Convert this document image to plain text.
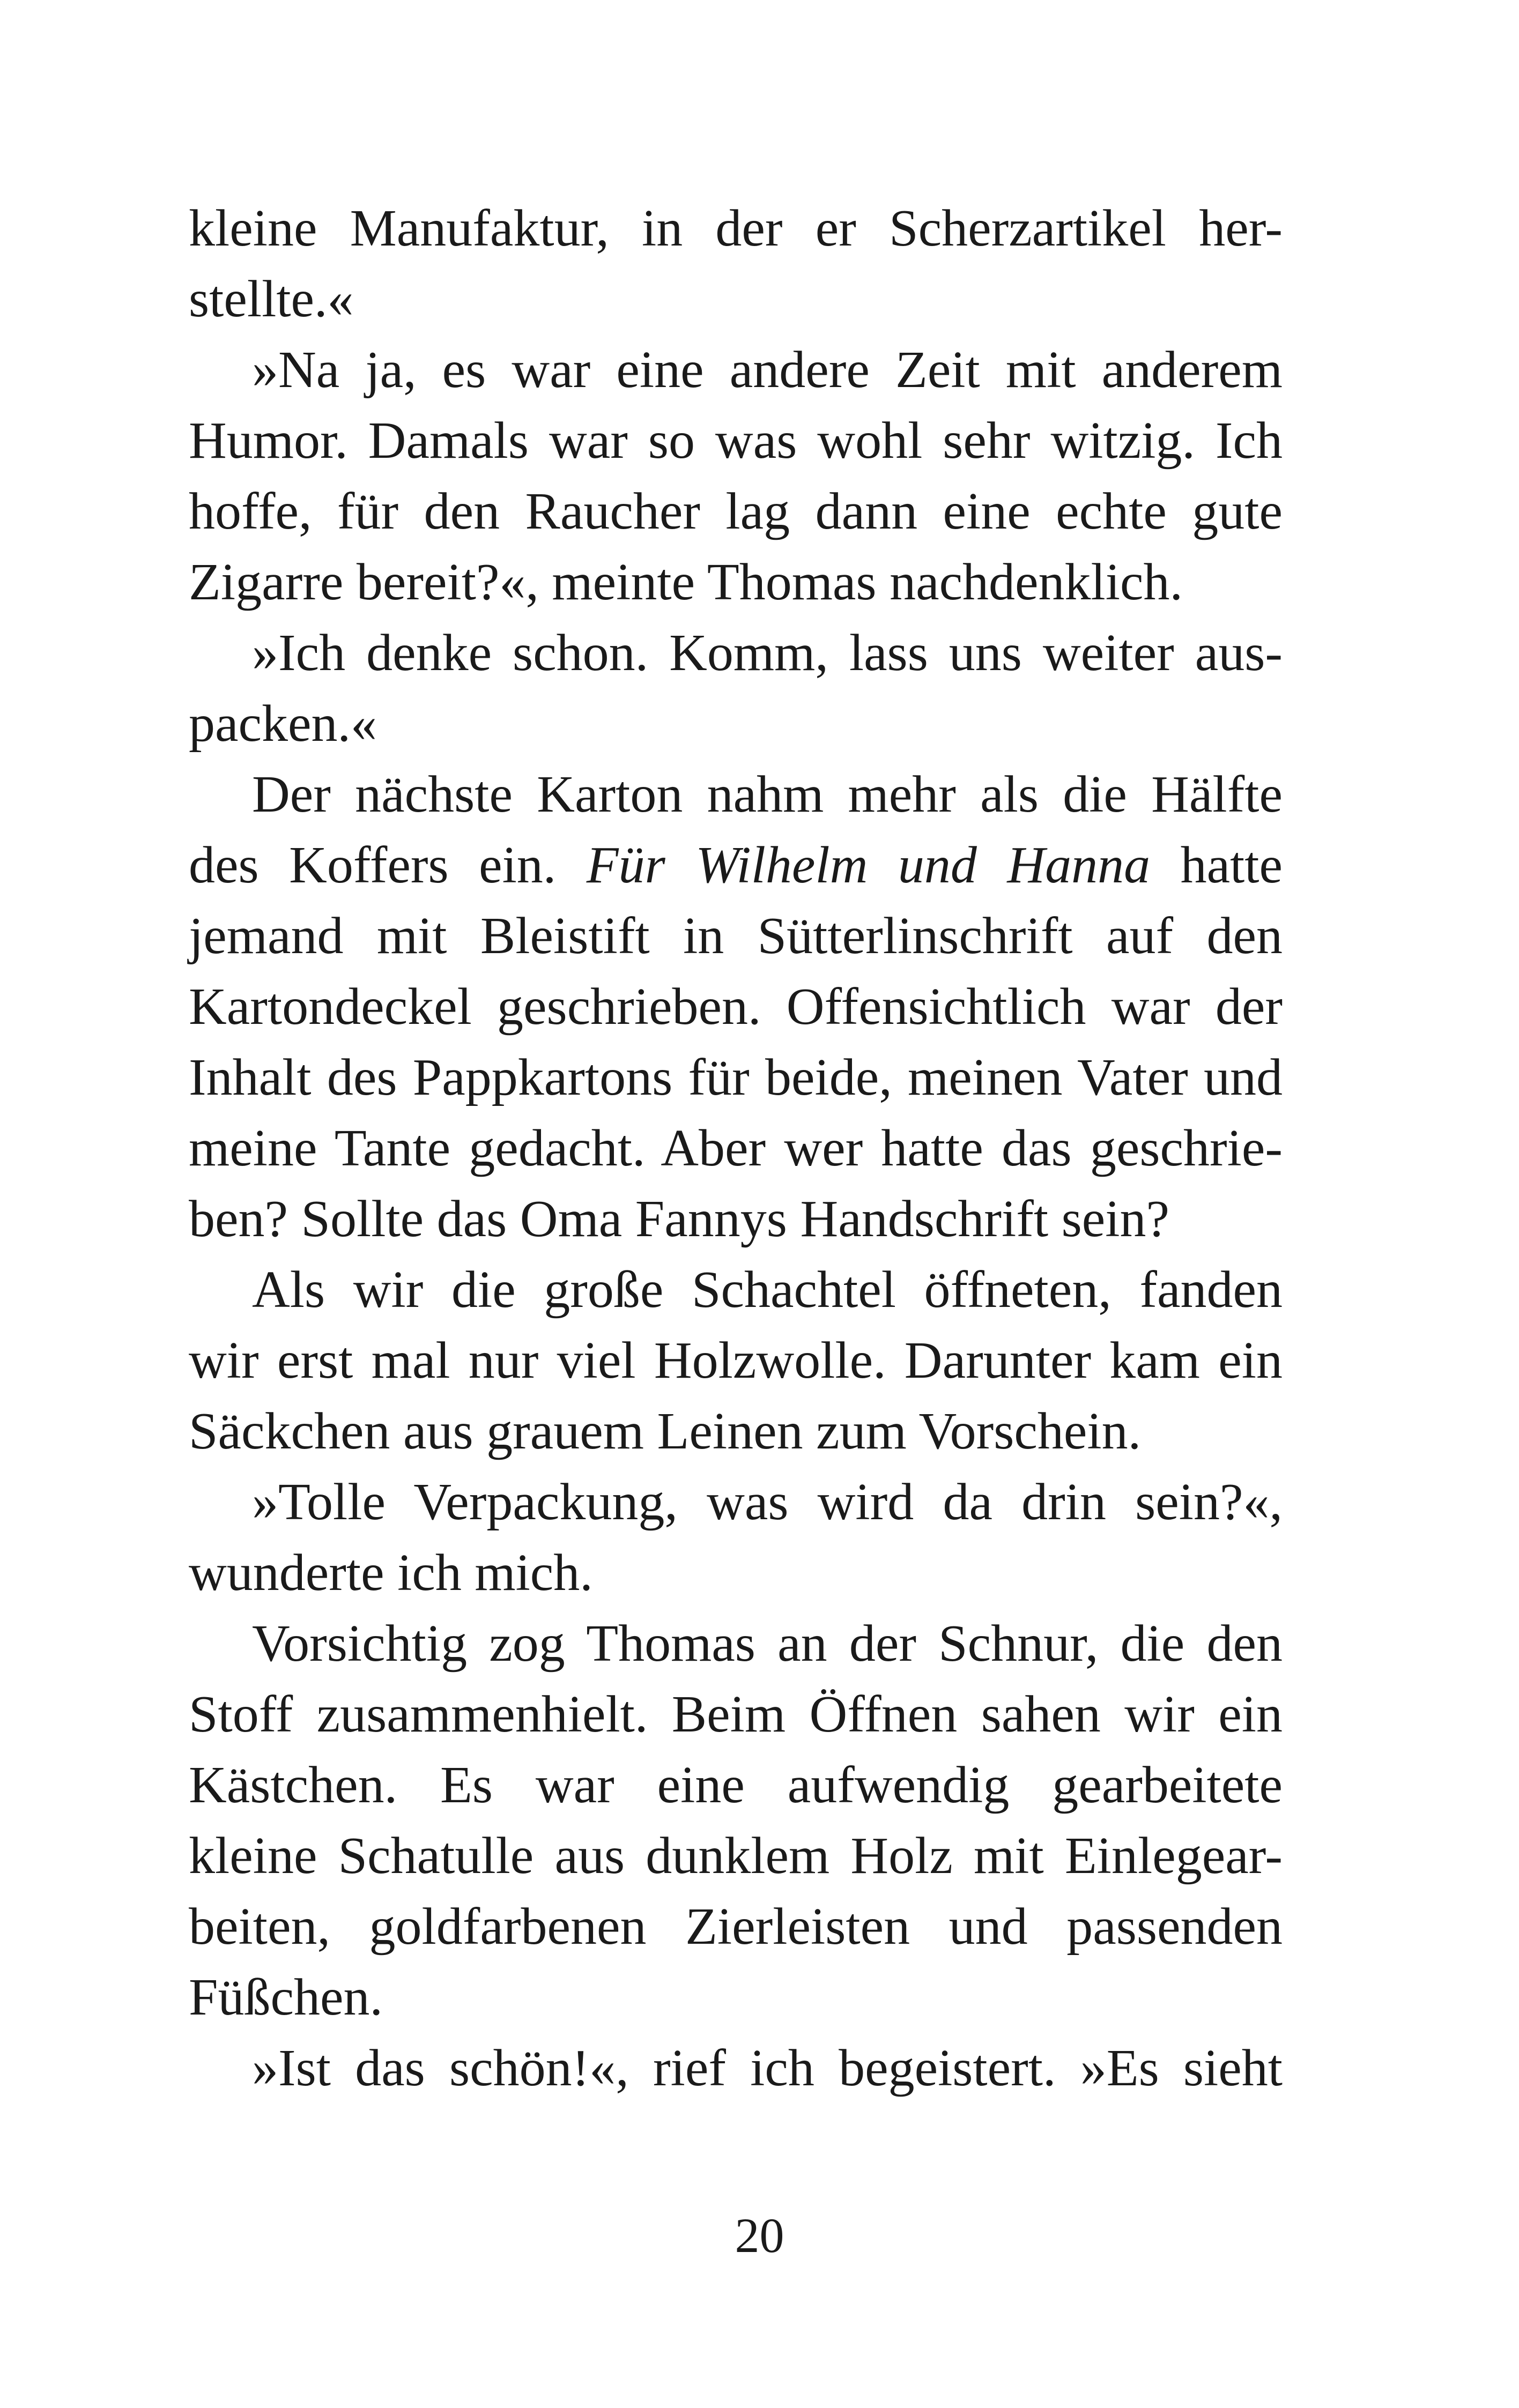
kleine Manufaktur, in der er Scherzartikel her-
stellte.«
»Na ja, es war eine andere Zeit mit anderem
Humor. Damals war so was wohl sehr witzig. Ich
hoffe, für den Raucher lag dann eine echte gute
Zigarre bereit?«, meinte Thomas nachdenklich.
»Ich denke schon. Komm, lass uns weiter aus-
packen.«
Der nächste Karton nahm mehr als die Hälfte
des Koffers ein. Für Wilhelm und Hanna hatte
jemand mit Bleistift in Sütterlinschrift auf den
Kartondeckel geschrieben. Offensichtlich war der
Inhalt des Pappkartons für beide, meinen Vater und
meine Tante gedacht. Aber wer hatte das geschrie-
ben? Sollte das Oma Fannys Handschrift sein?
Als wir die große Schachtel öffneten, fanden
wir erst mal nur viel Holzwolle. Darunter kam ein
Säckchen aus grauem Leinen zum Vorschein.
»Tolle Verpackung, was wird da drin sein?«,
wunderte ich mich.
Vorsichtig zog Thomas an der Schnur, die den
Stoff zusammenhielt. Beim Öffnen sahen wir ein
Kästchen. Es war eine aufwendig gearbeitete
kleine Schatulle aus dunklem Holz mit Einlegear-
beiten, goldfarbenen Zierleisten und passenden
Füßchen.
»Ist das schön!«, rief ich begeistert. »Es sieht
20
